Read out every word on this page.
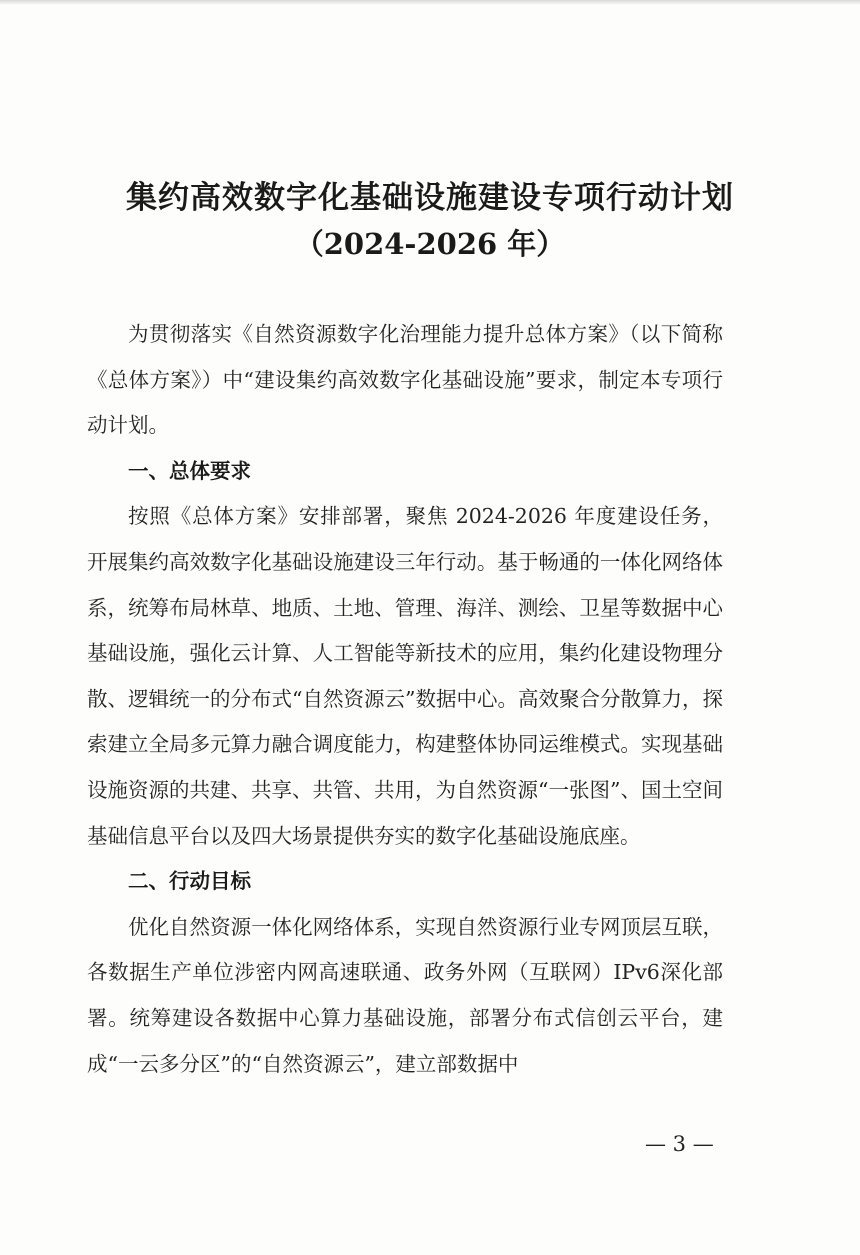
集约高效数字化基础设施建设专项行动计划
（2024-2026 年）

为贯彻落实《自然资源数字化治理能力提升总体方案》（以下简称《总体方案》）中“建设集约高效数字化基础设施”要求，制定本专项行动计划。

一、总体要求

按照《总体方案》安排部署，聚焦 2024-2026 年度建设任务，开展集约高效数字化基础设施建设三年行动。基于畅通的一体化网络体系，统筹布局林草、地质、土地、管理、海洋、测绘、卫星等数据中心基础设施，强化云计算、人工智能等新技术的应用，集约化建设物理分散、逻辑统一的分布式“自然资源云”数据中心。高效聚合分散算力，探索建立全局多元算力融合调度能力，构建整体协同运维模式。实现基础设施资源的共建、共享、共管、共用，为自然资源“一张图”、国土空间基础信息平台以及四大场景提供夯实的数字化基础设施底座。

二、行动目标

优化自然资源一体化网络体系，实现自然资源行业专网顶层互联，各数据生产单位涉密内网高速联通、政务外网（互联网）IPv6深化部署。统筹建设各数据中心算力基础设施，部署分布式信创云平台，建成“一云多分区”的“自然资源云”，建立部数据中

— 3 —
